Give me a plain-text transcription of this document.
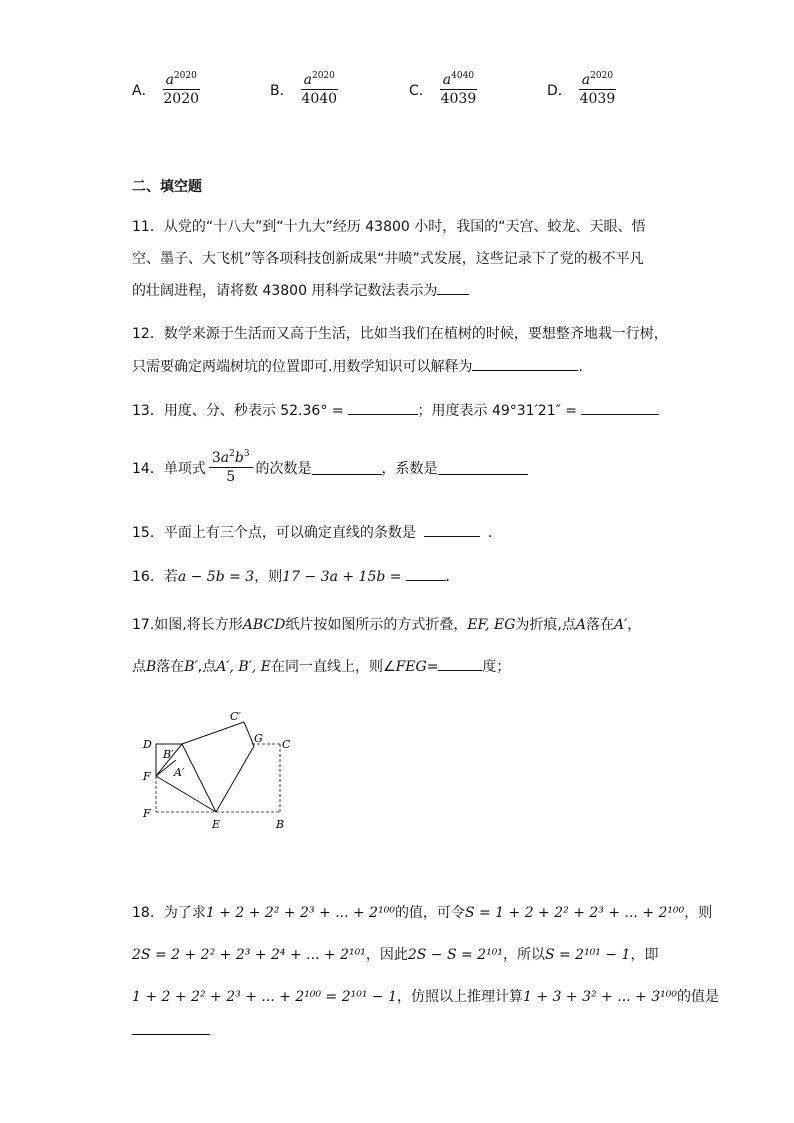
A． $\frac{a^{2020}}{2020}$	B． $\frac{a^{2020}}{4040}$	C． $\frac{a^{4040}}{4039}$	D． $\frac{a^{2020}}{4039}$
二、填空题
11．从党的“十八大”到“十九大”经历 43800 小时，我国的“天宫、蛟龙、天眼、悟
空、墨子、大飞机”等各项科技创新成果“井喷”式发展，这些记录下了党的极不平凡
的壮阔进程，请将数 43800 用科学记数法表示为
12．数学来源于生活而又高于生活，比如当我们在植树的时候，要想整齐地栽一行树，
只需要确定两端树坑的位置即可.用数学知识可以解释为	.
13．用度、分、秒表示 52.36° =	；用度表示 49°31′21″ =
14．单项式 $\frac{3a^2b^3}{5}$ 的次数是	，系数是
15．平面上有三个点，可以确定直线的条数是	.
16．若a − 5b = 3，则17 − 3a + 15b =	.
17.如图,将长方形ABCD纸片按如图所示的方式折叠，EF, EG为折痕,点A落在A′，
点B落在B′,点A′, B′, E在同一直线上，则∠FEG=	度；
C′
D	G C
B′
A′
F
F
E	B
18．为了求1 + 2 + 2² + 2³ + ... + 2¹⁰⁰的值，可令S = 1 + 2 + 2² + 2³ + ... + 2¹⁰⁰，则
2S = 2 + 2² + 2³ + 2⁴ + ... + 2¹⁰¹，因此2S − S = 2¹⁰¹，所以S = 2¹⁰¹ − 1，即
1 + 2 + 2² + 2³ + ... + 2¹⁰⁰ = 2¹⁰¹ − 1，仿照以上推理计算1 + 3 + 3² + ... + 3¹⁰⁰的值是
